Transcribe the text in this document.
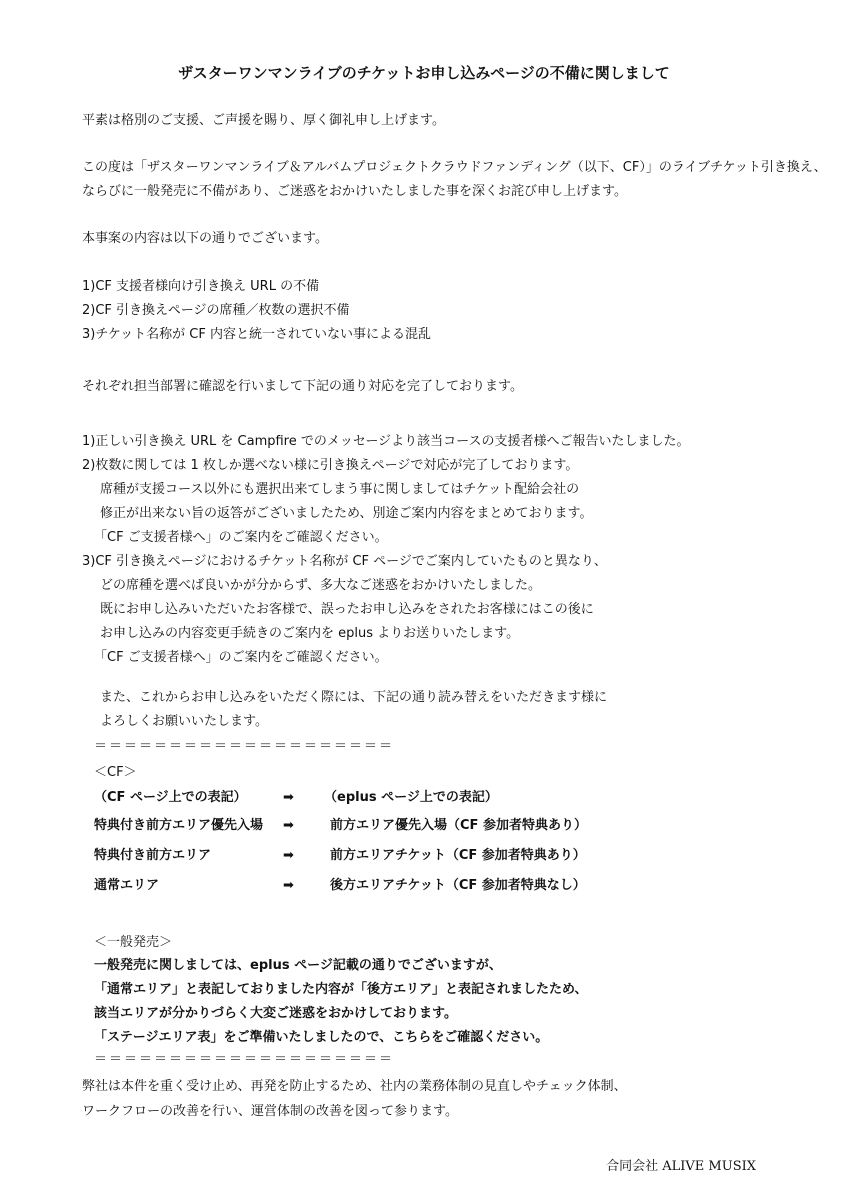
ザスターワンマンライブのチケットお申し込みページの不備に関しまして
平素は格別のご支援、ご声援を賜り、厚く御礼申し上げます。
この度は「ザスターワンマンライブ＆アルバムプロジェクトクラウドファンディング（以下、CF）」のライブチケット引き換え、
ならびに一般発売に不備があり、ご迷惑をおかけいたしました事を深くお詫び申し上げます。
本事案の内容は以下の通りでございます。
1)CF 支援者様向け引き換え URL の不備
2)CF 引き換えページの席種／枚数の選択不備
3)チケット名称が CF 内容と統一されていない事による混乱
それぞれ担当部署に確認を行いまして下記の通り対応を完了しております。
1)正しい引き換え URL を Campfire でのメッセージより該当コースの支援者様へご報告いたしました。
2)枚数に関しては 1 枚しか選べない様に引き換えページで対応が完了しております。
席種が支援コース以外にも選択出来てしまう事に関しましてはチケット配給会社の
修正が出来ない旨の返答がございましたため、別途ご案内内容をまとめております。
「CF ご支援者様へ」のご案内をご確認ください。
3)CF 引き換えページにおけるチケット名称が CF ページでご案内していたものと異なり、
どの席種を選べば良いかが分からず、多大なご迷惑をおかけいたしました。
既にお申し込みいただいたお客様で、誤ったお申し込みをされたお客様にはこの後に
お申し込みの内容変更手続きのご案内を eplus よりお送りいたします。
「CF ご支援者様へ」のご案内をご確認ください。
また、これからお申し込みをいただく際には、下記の通り読み替えをいただきます様に
よろしくお願いいたします。
＝＝＝＝＝＝＝＝＝＝＝＝＝＝＝＝＝＝＝＝
＜CF＞
（CF ページ上での表記）	➡ （eplus ページ上での表記）
特典付き前方エリア優先入場 ➡	前方エリア優先入場（CF 参加者特典あり）
特典付き前方エリア	➡	前方エリアチケット（CF 参加者特典あり）
通常エリア	➡	後方エリアチケット（CF 参加者特典なし）
＜一般発売＞
一般発売に関しましては、eplus ページ記載の通りでございますが、
「通常エリア」と表記しておりました内容が「後方エリア」と表記されましたため、
該当エリアが分かりづらく大変ご迷惑をおかけしております。
「ステージエリア表」をご準備いたしましたので、こちらをご確認ください。
＝＝＝＝＝＝＝＝＝＝＝＝＝＝＝＝＝＝＝＝
弊社は本件を重く受け止め、再発を防止するため、社内の業務体制の見直しやチェック体制、
ワークフローの改善を行い、運営体制の改善を図って参ります。
合同会社 ALIVE MUSIX
